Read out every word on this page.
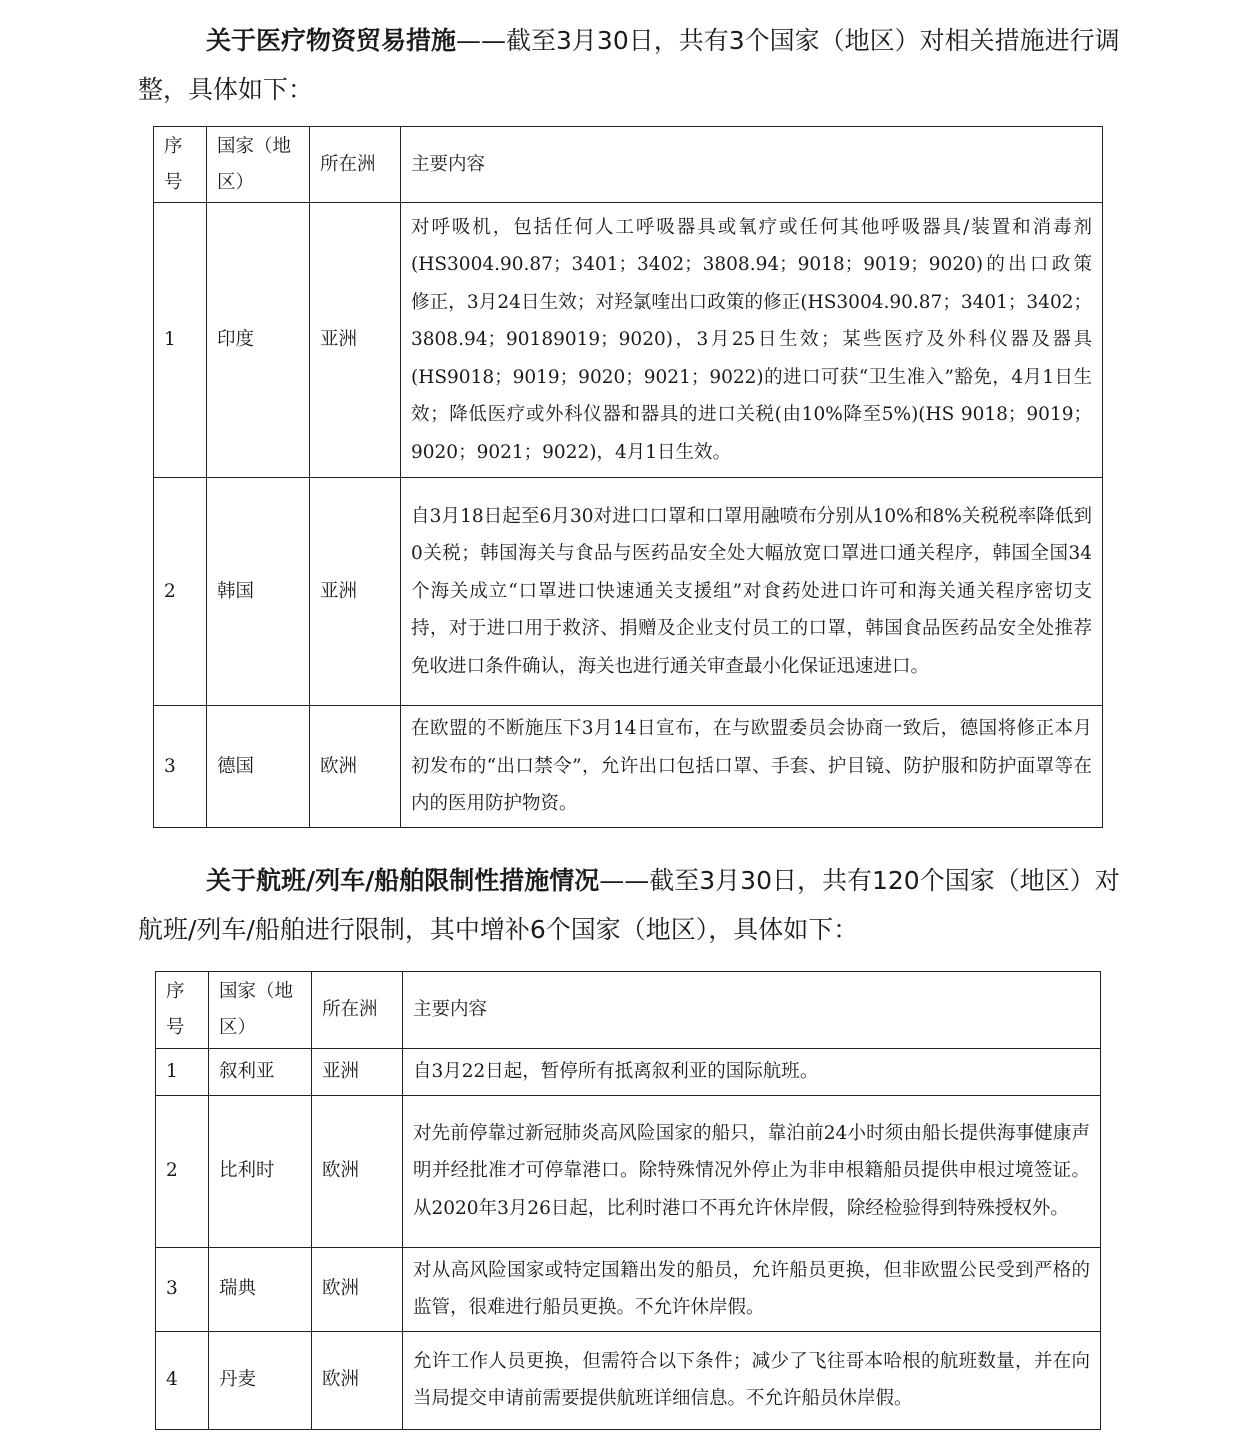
关于医疗物资贸易措施——截至3月30日，共有3个国家（地区）对相关措施进行调整，具体如下：

序号	国家（地区）	所在洲	主要内容
1	印度	亚洲	对呼吸机，包括任何人工呼吸器具或氧疗或任何其他呼吸器具/装置和消毒剂(HS3004.90.87；3401；3402；3808.94；9018；9019；9020)的出口政策修正，3月24日生效；对羟氯喹出口政策的修正(HS3004.90.87；3401；3402；3808.94；90189019；9020)，3月25日生效；某些医疗及外科仪器及器具(HS9018；9019；9020；9021；9022)的进口可获“卫生准入”豁免，4月1日生效；降低医疗或外科仪器和器具的进口关税(由10%降至5%)(HS 9018；9019；9020；9021；9022)，4月1日生效。
2	韩国	亚洲	自3月18日起至6月30对进口口罩和口罩用融喷布分别从10%和8%关税税率降低到0关税；韩国海关与食品与医药品安全处大幅放宽口罩进口通关程序，韩国全国34个海关成立“口罩进口快速通关支援组”对食药处进口许可和海关通关程序密切支持，对于进口用于救济、捐赠及企业支付员工的口罩，韩国食品医药品安全处推荐免收进口条件确认，海关也进行通关审查最小化保证迅速进口。
3	德国	欧洲	在欧盟的不断施压下3月14日宣布，在与欧盟委员会协商一致后，德国将修正本月初发布的“出口禁令”，允许出口包括口罩、手套、护目镜、防护服和防护面罩等在内的医用防护物资。

关于航班/列车/船舶限制性措施情况——截至3月30日，共有120个国家（地区）对航班/列车/船舶进行限制，其中增补6个国家（地区），具体如下：

序号	国家（地区）	所在洲	主要内容
1	叙利亚	亚洲	自3月22日起，暂停所有抵离叙利亚的国际航班。
2	比利时	欧洲	对先前停靠过新冠肺炎高风险国家的船只，靠泊前24小时须由船长提供海事健康声明并经批准才可停靠港口。除特殊情况外停止为非申根籍船员提供申根过境签证。从2020年3月26日起，比利时港口不再允许休岸假，除经检验得到特殊授权外。
3	瑞典	欧洲	对从高风险国家或特定国籍出发的船员，允许船员更换，但非欧盟公民受到严格的监管，很难进行船员更换。不允许休岸假。
4	丹麦	欧洲	允许工作人员更换，但需符合以下条件；减少了飞往哥本哈根的航班数量，并在向当局提交申请前需要提供航班详细信息。不允许船员休岸假。
